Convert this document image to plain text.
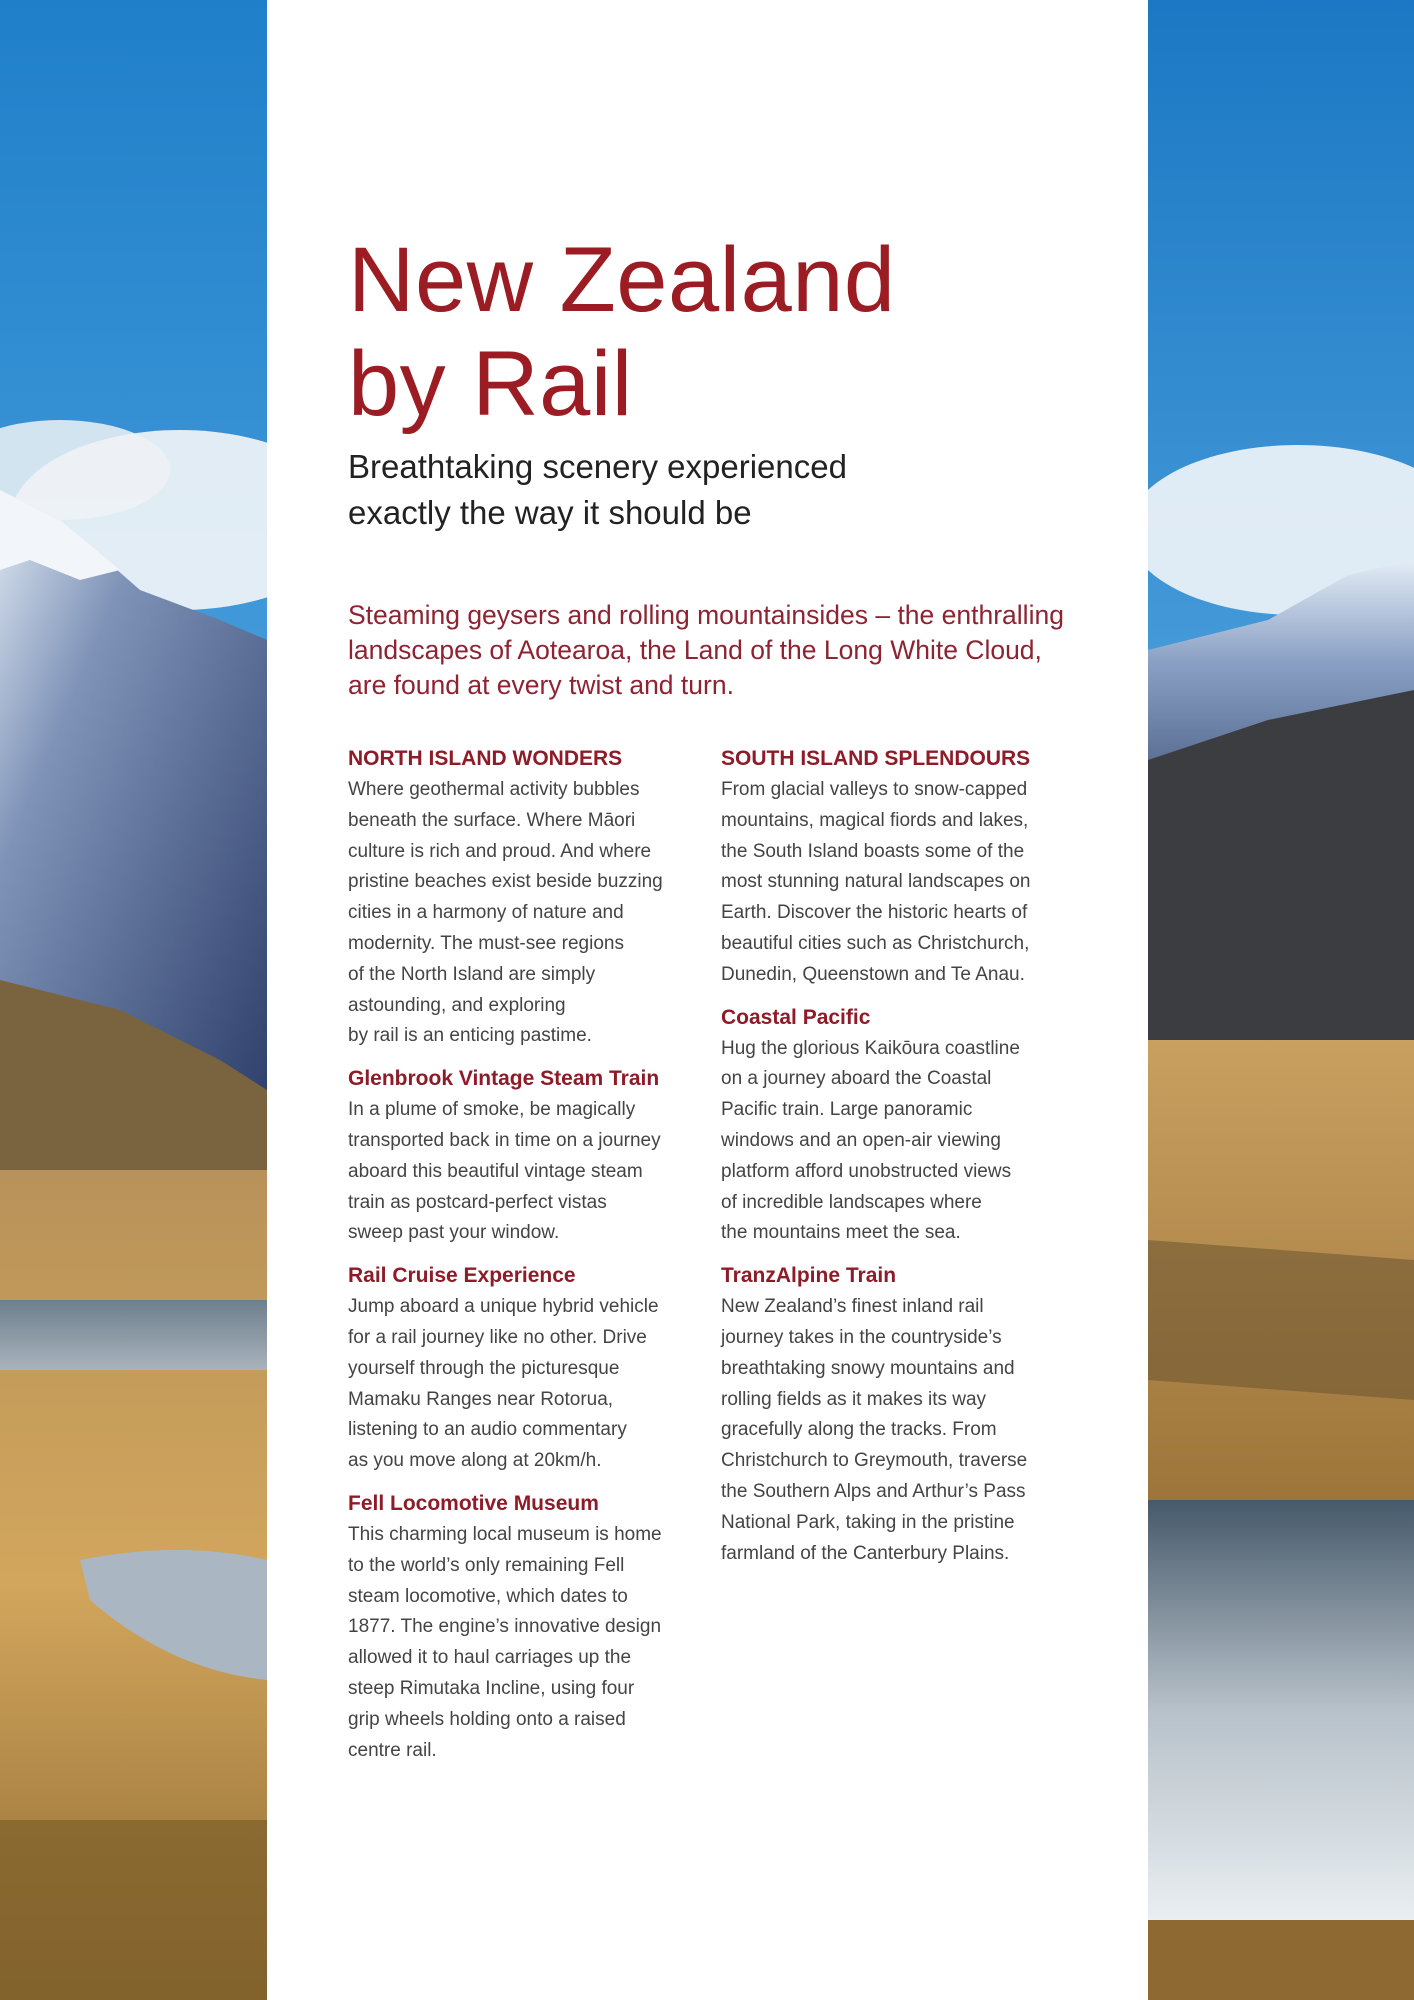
New Zealand
by Rail
Breathtaking scenery experienced
exactly the way it should be

Steaming geysers and rolling mountainsides – the enthralling landscapes of Aotearoa, the Land of the Long White Cloud, are found at every twist and turn.

NORTH ISLAND WONDERS

Where geothermal activity bubbles
beneath the surface. Where Māori
culture is rich and proud. And where
pristine beaches exist beside buzzing
cities in a harmony of nature and
modernity. The must-see regions
of the North Island are simply
astounding, and exploring
by rail is an enticing pastime.

Glenbrook Vintage Steam Train

In a plume of smoke, be magically
transported back in time on a journey
aboard this beautiful vintage steam
train as postcard-perfect vistas
sweep past your window.

Rail Cruise Experience

Jump aboard a unique hybrid vehicle
for a rail journey like no other. Drive
yourself through the picturesque
Mamaku Ranges near Rotorua,
listening to an audio commentary
as you move along at 20km/h.

Fell Locomotive Museum

This charming local museum is home
to the world’s only remaining Fell
steam locomotive, which dates to
1877. The engine’s innovative design
allowed it to haul carriages up the
steep Rimutaka Incline, using four
grip wheels holding onto a raised
centre rail.

SOUTH ISLAND SPLENDOURS

From glacial valleys to snow-capped
mountains, magical fiords and lakes,
the South Island boasts some of the
most stunning natural landscapes on
Earth. Discover the historic hearts of
beautiful cities such as Christchurch,
Dunedin, Queenstown and Te Anau.

Coastal Pacific

Hug the glorious Kaikōura coastline
on a journey aboard the Coastal
Pacific train. Large panoramic
windows and an open-air viewing
platform afford unobstructed views
of incredible landscapes where
the mountains meet the sea.

TranzAlpine Train

New Zealand’s finest inland rail
journey takes in the countryside’s
breathtaking snowy mountains and
rolling fields as it makes its way
gracefully along the tracks. From
Christchurch to Greymouth, traverse
the Southern Alps and Arthur’s Pass
National Park, taking in the pristine
farmland of the Canterbury Plains.
